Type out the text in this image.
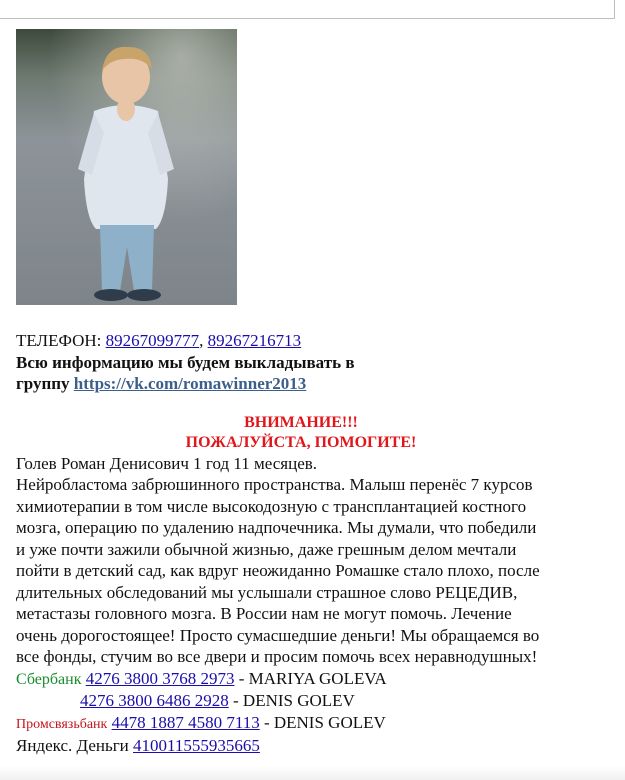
ТЕЛЕФОН: 89267099777, 89267216713
Всю информацию мы будем выкладывать в
группу https://vk.com/romawinner2013
ВНИМАНИЕ!!!
ПОЖАЛУЙСТА, ПОМОГИТЕ!
Голев Роман Денисович 1 год 11 месяцев.
Нейробластома забрюшинного пространства. Малыш перенёс 7 курсов
химиотерапии в том числе высокодозную с трансплантацией костного
мозга, операцию по удалению надпочечника. Мы думали, что победили
и уже почти зажили обычной жизнью, даже грешным делом мечтали
пойти в детский сад, как вдруг неожиданно Ромашке стало плохо, после
длительных обследований мы услышали страшное слово РЕЦЕДИВ,
метастазы головного мозга. В России нам не могут помочь. Лечение
очень дорогостоящее! Просто сумасшедшие деньги! Мы обращаемся во
все фонды, стучим во все двери и просим помочь всех неравнодушных!
Сбербанк 4276 3800 3768 2973 - MARIYA GOLEVA
4276 3800 6486 2928 - DENIS GOLEV
Промсвязьбанк 4478 1887 4580 7113 - DENIS GOLEV
Яндекс. Деньги 410011555935665
